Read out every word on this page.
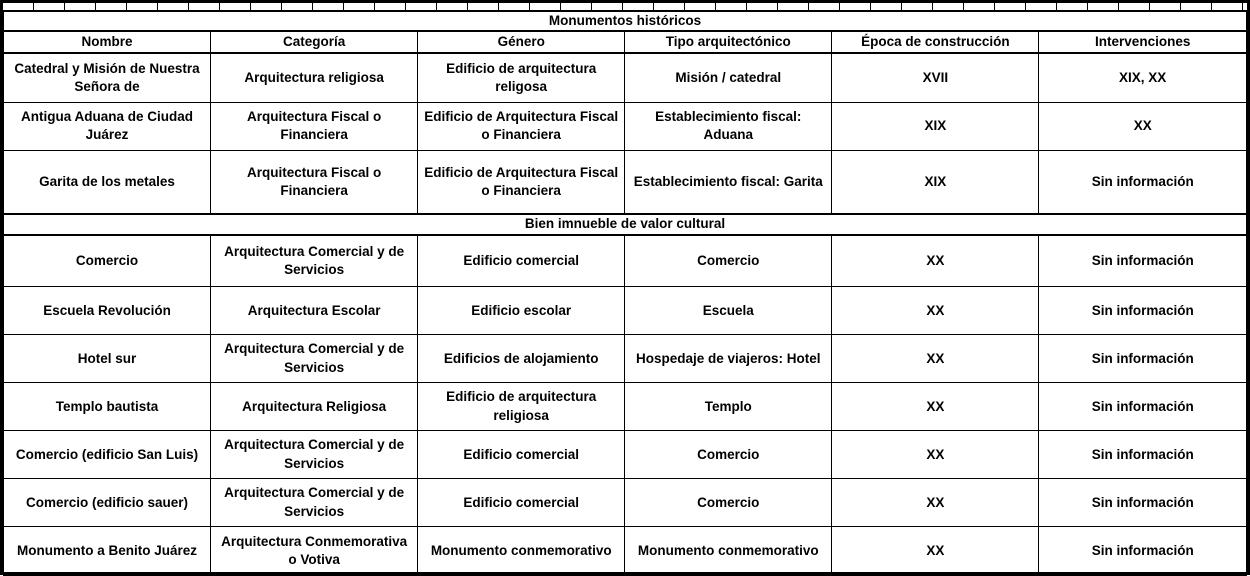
Monumentos históricos					
Nombre	Categoría	Género	Tipo arquitectónico	Época de construcción	Intervenciones
Catedral y Misión de Nuestra Señora de	Arquitectura religiosa	Edificio de arquitectura religosa	Misión / catedral	XVII	XIX, XX
Antigua Aduana de Ciudad Juárez	Arquitectura Fiscal o Financiera	Edificio de Arquitectura Fiscal o Financiera	Establecimiento fiscal: Aduana	XIX	XX
Garita de los metales	Arquitectura Fiscal o Financiera	Edificio de Arquitectura Fiscal o Financiera	Establecimiento fiscal: Garita	XIX	Sin información
Bien imnueble de valor cultural					
Comercio	Arquitectura Comercial y de Servicios	Edificio comercial	Comercio	XX	Sin información
Escuela Revolución	Arquitectura Escolar	Edificio escolar	Escuela	XX	Sin información
Hotel sur	Arquitectura Comercial y de Servicios	Edificios de alojamiento	Hospedaje de viajeros: Hotel	XX	Sin información
Templo bautista	Arquitectura Religiosa	Edificio de arquitectura religiosa	Templo	XX	Sin información
Comercio (edificio San Luis)	Arquitectura Comercial y de Servicios	Edificio comercial	Comercio	XX	Sin información
Comercio (edificio sauer)	Arquitectura Comercial y de Servicios	Edificio comercial	Comercio	XX	Sin información
Monumento a Benito Juárez	Arquitectura Conmemorativa o Votiva	Monumento conmemorativo	Monumento conmemorativo	XX	Sin información
